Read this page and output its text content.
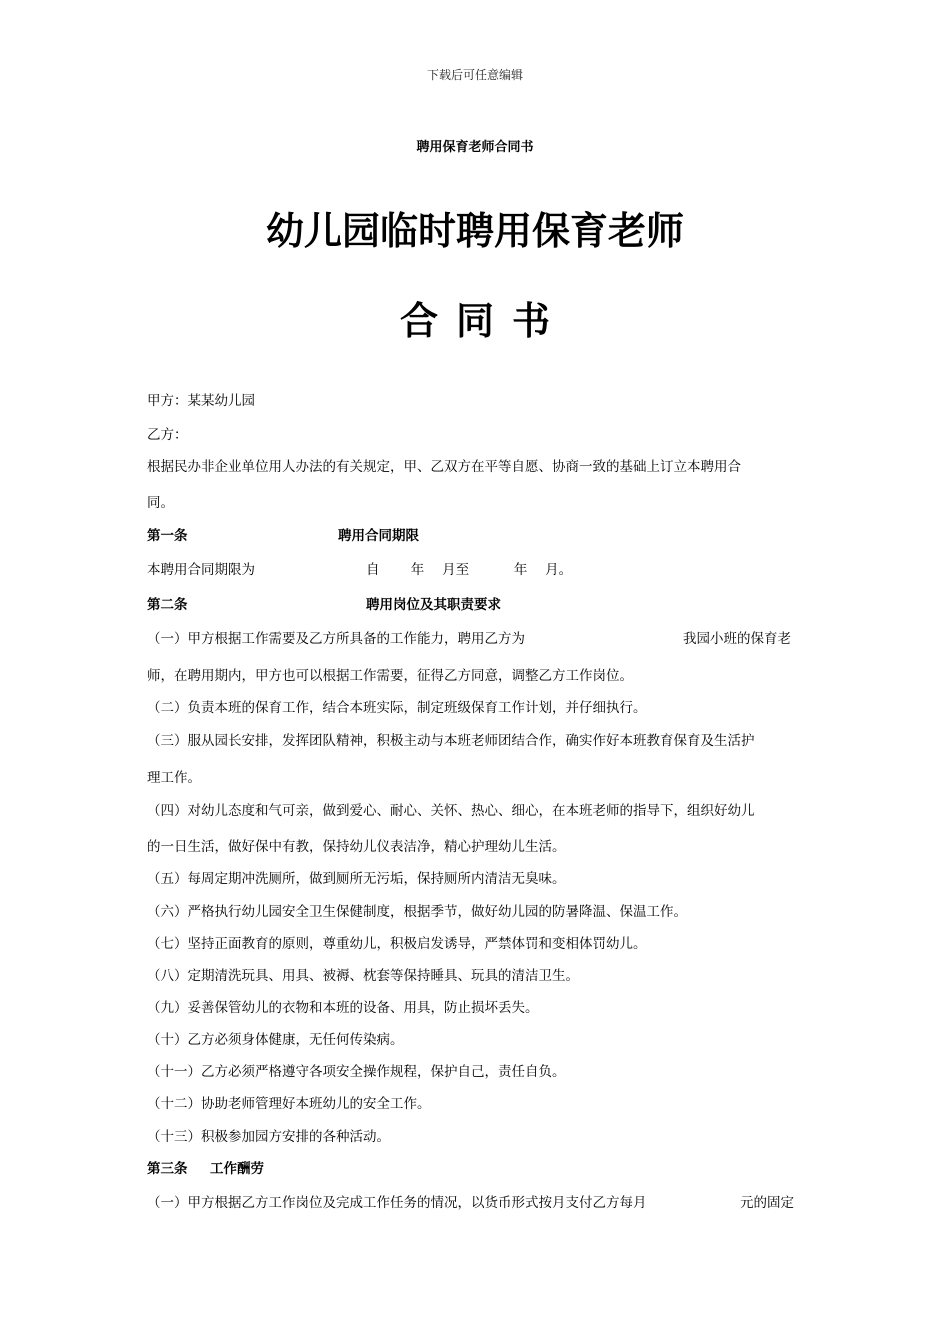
下载后可任意编辑
聘用保育老师合同书
幼儿园临时聘用保育老师
合同书
甲方：某某幼儿园
乙方：
根据民办非企业单位用人办法的有关规定，甲、乙双方在平等自愿、协商一致的基础上订立本聘用合
同。
第一条	聘用合同期限
本聘用合同期限为	自　　 年　 月至　　　 年　 月。
第二条	聘用岗位及其职责要求
（一）甲方根据工作需要及乙方所具备的工作能力，聘用乙方为	我园小班的保育老
师，在聘用期内，甲方也可以根据工作需要，征得乙方同意，调整乙方工作岗位。
（二）负责本班的保育工作，结合本班实际，制定班级保育工作计划，并仔细执行。
（三）服从园长安排，发挥团队精神，积极主动与本班老师团结合作，确实作好本班教育保育及生活护
理工作。
（四）对幼儿态度和气可亲，做到爱心、耐心、关怀、热心、细心，在本班老师的指导下，组织好幼儿
的一日生活，做好保中有教，保持幼儿仪表洁净，精心护理幼儿生活。
（五）每周定期冲洗厕所，做到厕所无污垢，保持厕所内清洁无臭味。
（六）严格执行幼儿园安全卫生保健制度，根据季节，做好幼儿园的防暑降温、保温工作。
（七）坚持正面教育的原则，尊重幼儿，积极启发诱导，严禁体罚和变相体罚幼儿。
（八）定期清洗玩具、用具、被褥、枕套等保持睡具、玩具的清洁卫生。
（九）妥善保管幼儿的衣物和本班的设备、用具，防止损坏丢失。
（十）乙方必须身体健康，无任何传染病。
（十一）乙方必须严格遵守各项安全操作规程，保护自己，责任自负。
（十二）协助老师管理好本班幼儿的安全工作。
（十三）积极参加园方安排的各种活动。
第三条 工作酬劳
（一）甲方根据乙方工作岗位及完成工作任务的情况，以货币形式按月支付乙方每月	元的固定
